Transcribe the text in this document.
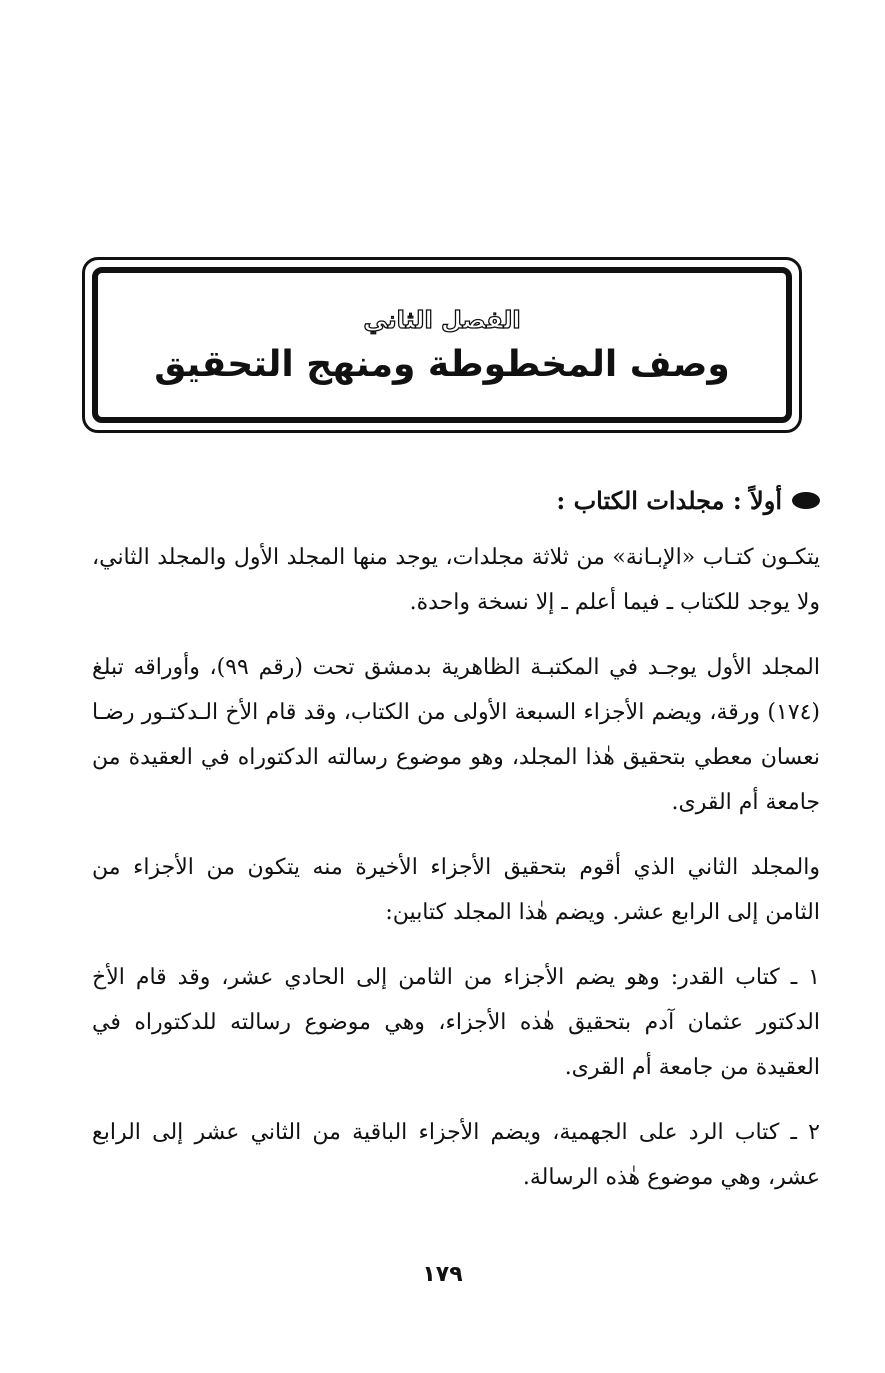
الفصل الثاني
وصف المخطوطة ومنهج التحقيق
أولاً : مجلدات الكتاب :

يتكـون كتـاب «الإبـانة» من ثلاثة مجلدات، يوجد منها المجلد الأول والمجلد الثاني، ولا يوجد للكتاب ـ فيما أعلم ـ إلا نسخة واحدة.

المجلد الأول يوجـد في المكتبـة الظاهرية بدمشق تحت (رقم ٩٩)، وأوراقه تبلغ (١٧٤) ورقة، ويضم الأجزاء السبعة الأولى من الكتاب، وقد قام الأخ الـدكتـور رضـا نعسان معطي بتحقيق هٰذا المجلد، وهو موضوع رسالته الدكتوراه في العقيدة من جامعة أم القرى.

والمجلد الثاني الذي أقوم بتحقيق الأجزاء الأخيرة منه يتكون من الأجزاء من الثامن إلى الرابع عشر. ويضم هٰذا المجلد كتابين:

١ ـ كتاب القدر: وهو يضم الأجزاء من الثامن إلى الحادي عشر، وقد قام الأخ الدكتور عثمان آدم بتحقيق هٰذه الأجزاء، وهي موضوع رسالته للدكتوراه في العقيدة من جامعة أم القرى.

٢ ـ كتاب الرد على الجهمية، ويضم الأجزاء الباقية من الثاني عشر إلى الرابع عشر، وهي موضوع هٰذه الرسالة.

١٧٩
